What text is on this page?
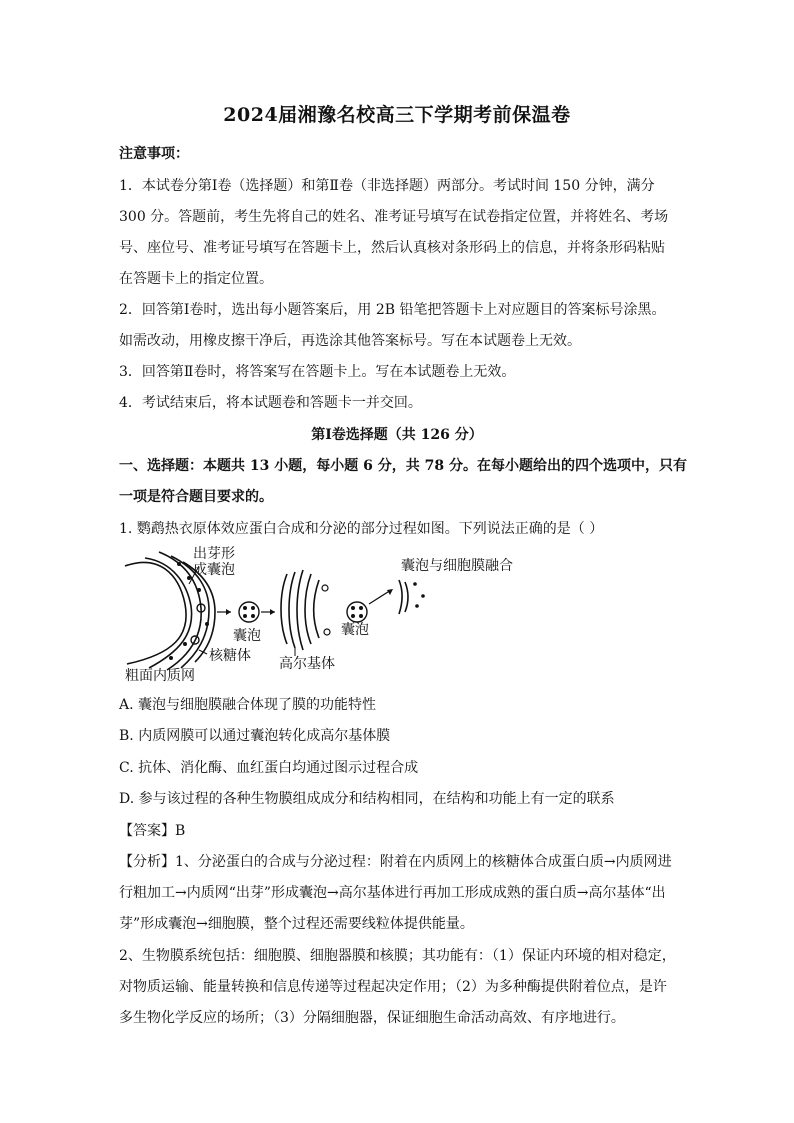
2024届湘豫名校高三下学期考前保温卷
注意事项：
1．本试卷分第Ⅰ卷（选择题）和第Ⅱ卷（非选择题）两部分。考试时间 150 分钟，满分
300 分。答题前，考生先将自己的姓名、准考证号填写在试卷指定位置，并将姓名、考场
号、座位号、准考证号填写在答题卡上，然后认真核对条形码上的信息，并将条形码粘贴
在答题卡上的指定位置。
2．回答第Ⅰ卷时，选出每小题答案后，用 2B 铅笔把答题卡上对应题目的答案标号涂黑。
如需改动，用橡皮擦干净后，再选涂其他答案标号。写在本试题卷上无效。
3．回答第Ⅱ卷时，将答案写在答题卡上。写在本试题卷上无效。
4．考试结束后，将本试题卷和答题卡一并交回。
第Ⅰ卷选择题（共 126 分）
一、选择题：本题共 13 小题，每小题 6 分，共 78 分。在每小题给出的四个选项中，只有
一项是符合题目要求的。
1. 鹦鹉热衣原体效应蛋白合成和分泌的部分过程如图。下列说法正确的是（ ）
出芽形
成囊泡
囊泡
核糖体
粗面内质网
高尔基体
囊泡
囊泡与细胞膜融合
A. 囊泡与细胞膜融合体现了膜的功能特性
B. 内质网膜可以通过囊泡转化成高尔基体膜
C. 抗体、消化酶、血红蛋白均通过图示过程合成
D. 参与该过程的各种生物膜组成成分和结构相同，在结构和功能上有一定的联系
【答案】B
【分析】1、分泌蛋白的合成与分泌过程：附着在内质网上的核糖体合成蛋白质→内质网进
行粗加工→内质网“出芽”形成囊泡→高尔基体进行再加工形成成熟的蛋白质→高尔基体“出
芽”形成囊泡→细胞膜，整个过程还需要线粒体提供能量。
2、生物膜系统包括：细胞膜、细胞器膜和核膜；其功能有：（1）保证内环境的相对稳定，
对物质运输、能量转换和信息传递等过程起决定作用；（2）为多种酶提供附着位点，是许
多生物化学反应的场所；（3）分隔细胞器，保证细胞生命活动高效、有序地进行。
